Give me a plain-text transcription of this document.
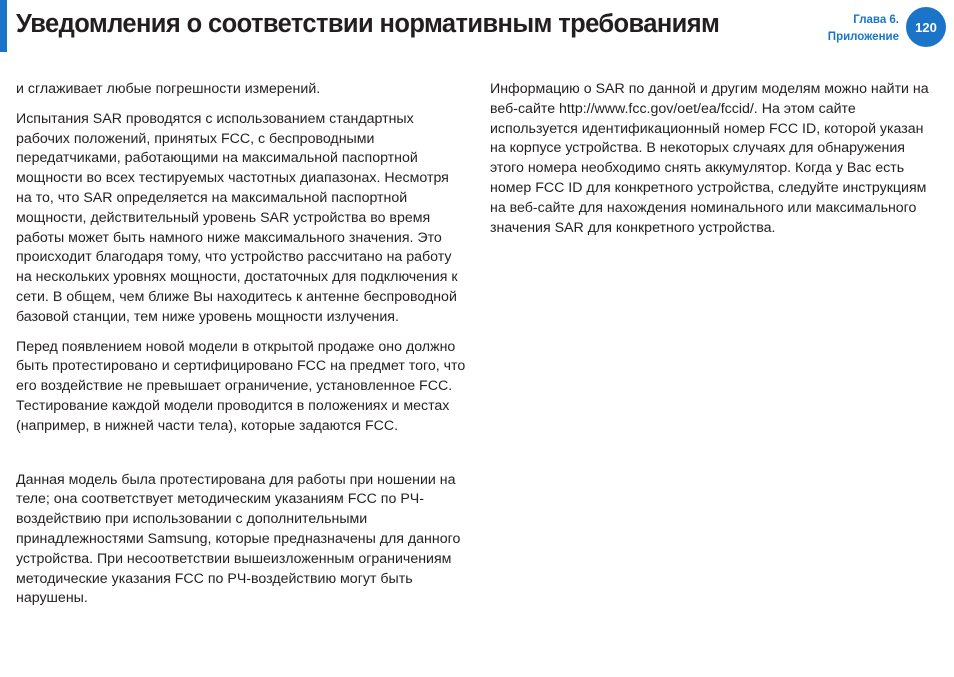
Уведомления о соответствии нормативным требованиям	Глава 6.
Приложение
120

и сглаживает любые погрешности измерений.

Испытания SAR проводятся с использованием стандартных рабочих положений, принятых FCC, с беспроводными передатчиками, работающими на максимальной паспортной мощности во всех тестируемых частотных диапазонах. Несмотря на то, что SAR определяется на максимальной паспортной мощности, действительный уровень SAR устройства во время работы может быть намного ниже максимального значения. Это происходит благодаря тому, что устройство рассчитано на работу на нескольких уровнях мощности, достаточных для подключения к сети. В общем, чем ближе Вы находитесь к антенне беспроводной базовой станции, тем ниже уровень мощности излучения.

Перед появлением новой модели в открытой продаже оно должно быть протестировано и сертифицировано FCC на предмет того, что его воздействие не превышает ограничение, установленное FCC. Тестирование каждой модели проводится в положениях и местах (например, в нижней части тела), которые задаются FCC.

Данная модель была протестирована для работы при ношении на теле; она соответствует методическим указаниям FCC по РЧ-воздействию при использовании с дополнительными принадлежностями Samsung, которые предназначены для данного устройства. При несоответствии вышеизложенным ограничениям методические указания FCC по РЧ-воздействию могут быть нарушены.

Информацию о SAR по данной и другим моделям можно найти на веб-сайте http://www.fcc.gov/oet/ea/fccid/. На этом сайте используется идентификационный номер FCC ID, которой указан на корпусе устройства. В некоторых случаях для обнаружения этого номера необходимо снять аккумулятор. Когда у Вас есть номер FCC ID для конкретного устройства, следуйте инструкциям на веб-сайте для нахождения номинального или максимального значения SAR для конкретного устройства.
